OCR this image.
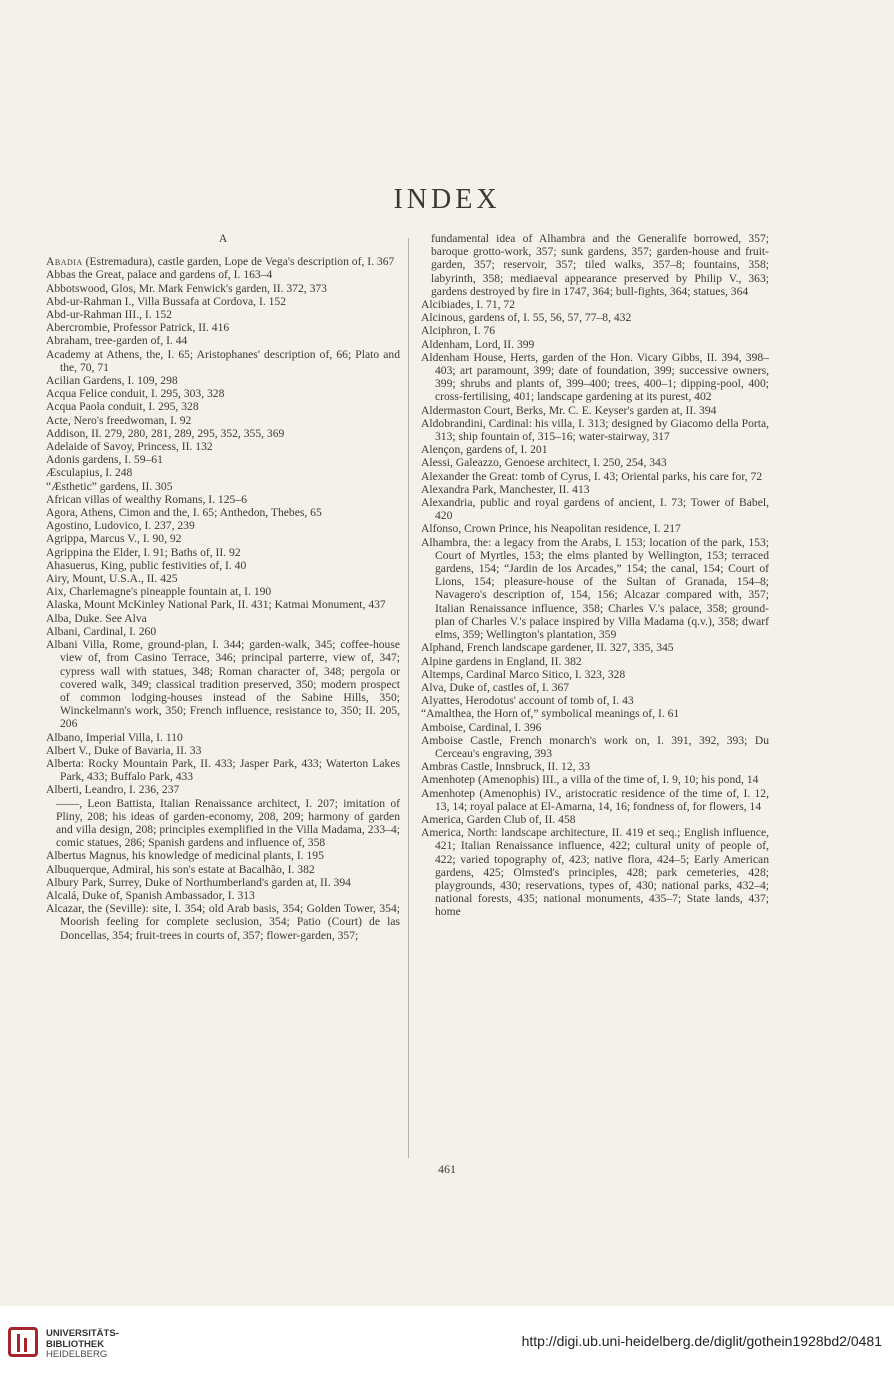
INDEX
A
Abadia (Estremadura), castle garden, Lope de Vega's description of, I. 367
Abbas the Great, palace and gardens of, I. 163–4
Abbotswood, Glos, Mr. Mark Fenwick's garden, II. 372, 373
Abd-ur-Rahman I., Villa Bussafa at Cordova, I. 152
Abd-ur-Rahman III., I. 152
Abercrombie, Professor Patrick, II. 416
Abraham, tree-garden of, I. 44
Academy at Athens, the, I. 65; Aristophanes' description of, 66; Plato and the, 70, 71
Acilian Gardens, I. 109, 298
Acqua Felice conduit, I. 295, 303, 328
Acqua Paola conduit, I. 295, 328
Acte, Nero's freedwoman, I. 92
Addison, II. 279, 280, 281, 289, 295, 352, 355, 369
Adelaide of Savoy, Princess, II. 132
Adonis gardens, I. 59–61
Æsculapius, I. 248
“Æsthetic” gardens, II. 305
African villas of wealthy Romans, I. 125–6
Agora, Athens, Cimon and the, I. 65; Anthedon, Thebes, 65
Agostino, Ludovico, I. 237, 239
Agrippa, Marcus V., I. 90, 92
Agrippina the Elder, I. 91; Baths of, II. 92
Ahasuerus, King, public festivities of, I. 40
Airy, Mount, U.S.A., II. 425
Aix, Charlemagne's pineapple fountain at, I. 190
Alaska, Mount McKinley National Park, II. 431; Katmai Monument, 437
Alba, Duke. See Alva
Albani, Cardinal, I. 260
Albani Villa, Rome, ground-plan, I. 344; garden-walk, 345; coffee-house view of, from Casino Terrace, 346; principal parterre, view of, 347; cypress wall with statues, 348; Roman character of, 348; pergola or covered walk, 349; classical tradition preserved, 350; modern prospect of common lodging-houses instead of the Sabine Hills, 350; Winckelmann's work, 350; French influence, resistance to, 350; II. 205, 206
Albano, Imperial Villa, I. 110
Albert V., Duke of Bavaria, II. 33
Alberta: Rocky Mountain Park, II. 433; Jasper Park, 433; Waterton Lakes Park, 433; Buffalo Park, 433
Alberti, Leandro, I. 236, 237
——, Leon Battista, Italian Renaissance architect, I. 207; imitation of Pliny, 208; his ideas of garden-economy, 208, 209; harmony of garden and villa design, 208; principles exemplified in the Villa Madama, 233–4; comic statues, 286; Spanish gardens and influence of, 358
Albertus Magnus, his knowledge of medicinal plants, I. 195
Albuquerque, Admiral, his son's estate at Bacalhão, I. 382
Albury Park, Surrey, Duke of Northumberland's garden at, II. 394
Alcalá, Duke of, Spanish Ambassador, I. 313
Alcazar, the (Seville): site, I. 354; old Arab basis, 354; Golden Tower, 354; Moorish feeling for complete seclusion, 354; Patio (Court) de las Doncellas, 354; fruit-trees in courts of, 357; flower-garden, 357;
fundamental idea of Alhambra and the Generalife borrowed, 357; baroque grotto-work, 357; sunk gardens, 357; garden-house and fruit-garden, 357; reservoir, 357; tiled walks, 357–8; fountains, 358; labyrinth, 358; mediaeval appearance preserved by Philip V., 363; gardens destroyed by fire in 1747, 364; bull-fights, 364; statues, 364
Alcibiades, I. 71, 72
Alcinous, gardens of, I. 55, 56, 57, 77–8, 432
Alciphron, I. 76
Aldenham, Lord, II. 399
Aldenham House, Herts, garden of the Hon. Vicary Gibbs, II. 394, 398–403; art paramount, 399; date of foundation, 399; successive owners, 399; shrubs and plants of, 399–400; trees, 400–1; dipping-pool, 400; cross-fertilising, 401; landscape gardening at its purest, 402
Aldermaston Court, Berks, Mr. C. E. Keyser's garden at, II. 394
Aldobrandini, Cardinal: his villa, I. 313; designed by Giacomo della Porta, 313; ship fountain of, 315–16; water-stairway, 317
Alençon, gardens of, I. 201
Alessi, Galeazzo, Genoese architect, I. 250, 254, 343
Alexander the Great: tomb of Cyrus, I. 43; Oriental parks, his care for, 72
Alexandra Park, Manchester, II. 413
Alexandria, public and royal gardens of ancient, I. 73; Tower of Babel, 420
Alfonso, Crown Prince, his Neapolitan residence, I. 217
Alhambra, the: a legacy from the Arabs, I. 153; location of the park, 153; Court of Myrtles, 153; the elms planted by Wellington, 153; terraced gardens, 154; “Jardin de los Arcades,” 154; the canal, 154; Court of Lions, 154; pleasure-house of the Sultan of Granada, 154–8; Navagero's description of, 154, 156; Alcazar compared with, 357; Italian Renaissance influence, 358; Charles V.'s palace, 358; ground-plan of Charles V.'s palace inspired by Villa Madama (q.v.), 358; dwarf elms, 359; Wellington's plantation, 359
Alphand, French landscape gardener, II. 327, 335, 345
Alpine gardens in England, II. 382
Altemps, Cardinal Marco Sitico, I. 323, 328
Alva, Duke of, castles of, I. 367
Alyattes, Herodotus' account of tomb of, I. 43
“Amalthea, the Horn of,” symbolical meanings of, I. 61
Amboise, Cardinal, I. 396
Amboise Castle, French monarch's work on, I. 391, 392, 393; Du Cerceau's engraving, 393
Ambras Castle, Innsbruck, II. 12, 33
Amenhotep (Amenophis) III., a villa of the time of, I. 9, 10; his pond, 14
Amenhotep (Amenophis) IV., aristocratic residence of the time of, I. 12, 13, 14; royal palace at El-Amarna, 14, 16; fondness of, for flowers, 14
America, Garden Club of, II. 458
America, North: landscape architecture, II. 419 et seq.; English influence, 421; Italian Renaissance influence, 422; cultural unity of people of, 422; varied topography of, 423; native flora, 424–5; Early American gardens, 425; Olmsted's principles, 428; park cemeteries, 428; playgrounds, 430; reservations, types of, 430; national parks, 432–4; national forests, 435; national monuments, 435–7; State lands, 437; home
461
UNIVERSITÄTS-
BIBLIOTHEK
HEIDELBERG
http://digi.ub.uni-heidelberg.de/diglit/gothein1928bd2/0481
